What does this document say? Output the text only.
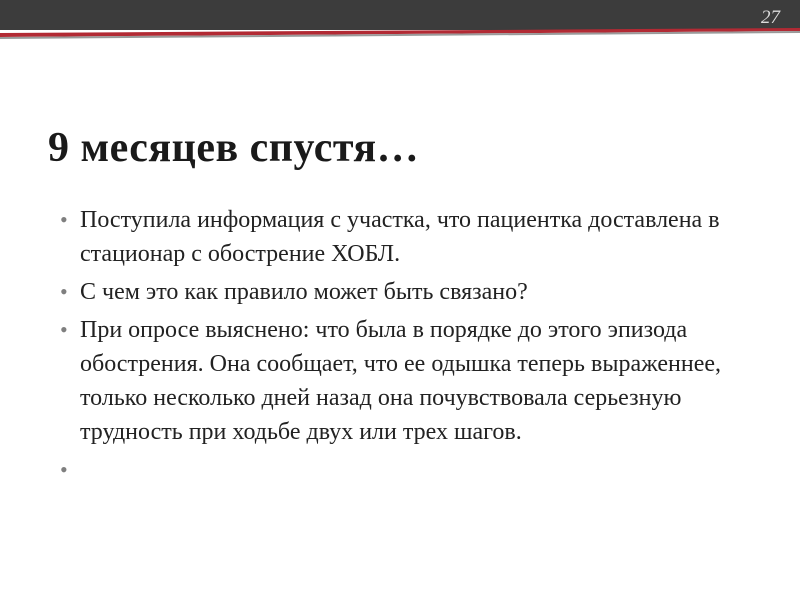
27
9 месяцев спустя…
• Поступила информация с участка, что пациентка доставлена в стационар с обострение ХОБЛ.
• С чем это как правило может быть связано?
• При опросе выяснено: что была в порядке до этого эпизода обострения. Она сообщает, что ее одышка теперь выраженнее, только несколько дней назад она почувствовала серьезную трудность при ходьбе двух или трех шагов.
•
